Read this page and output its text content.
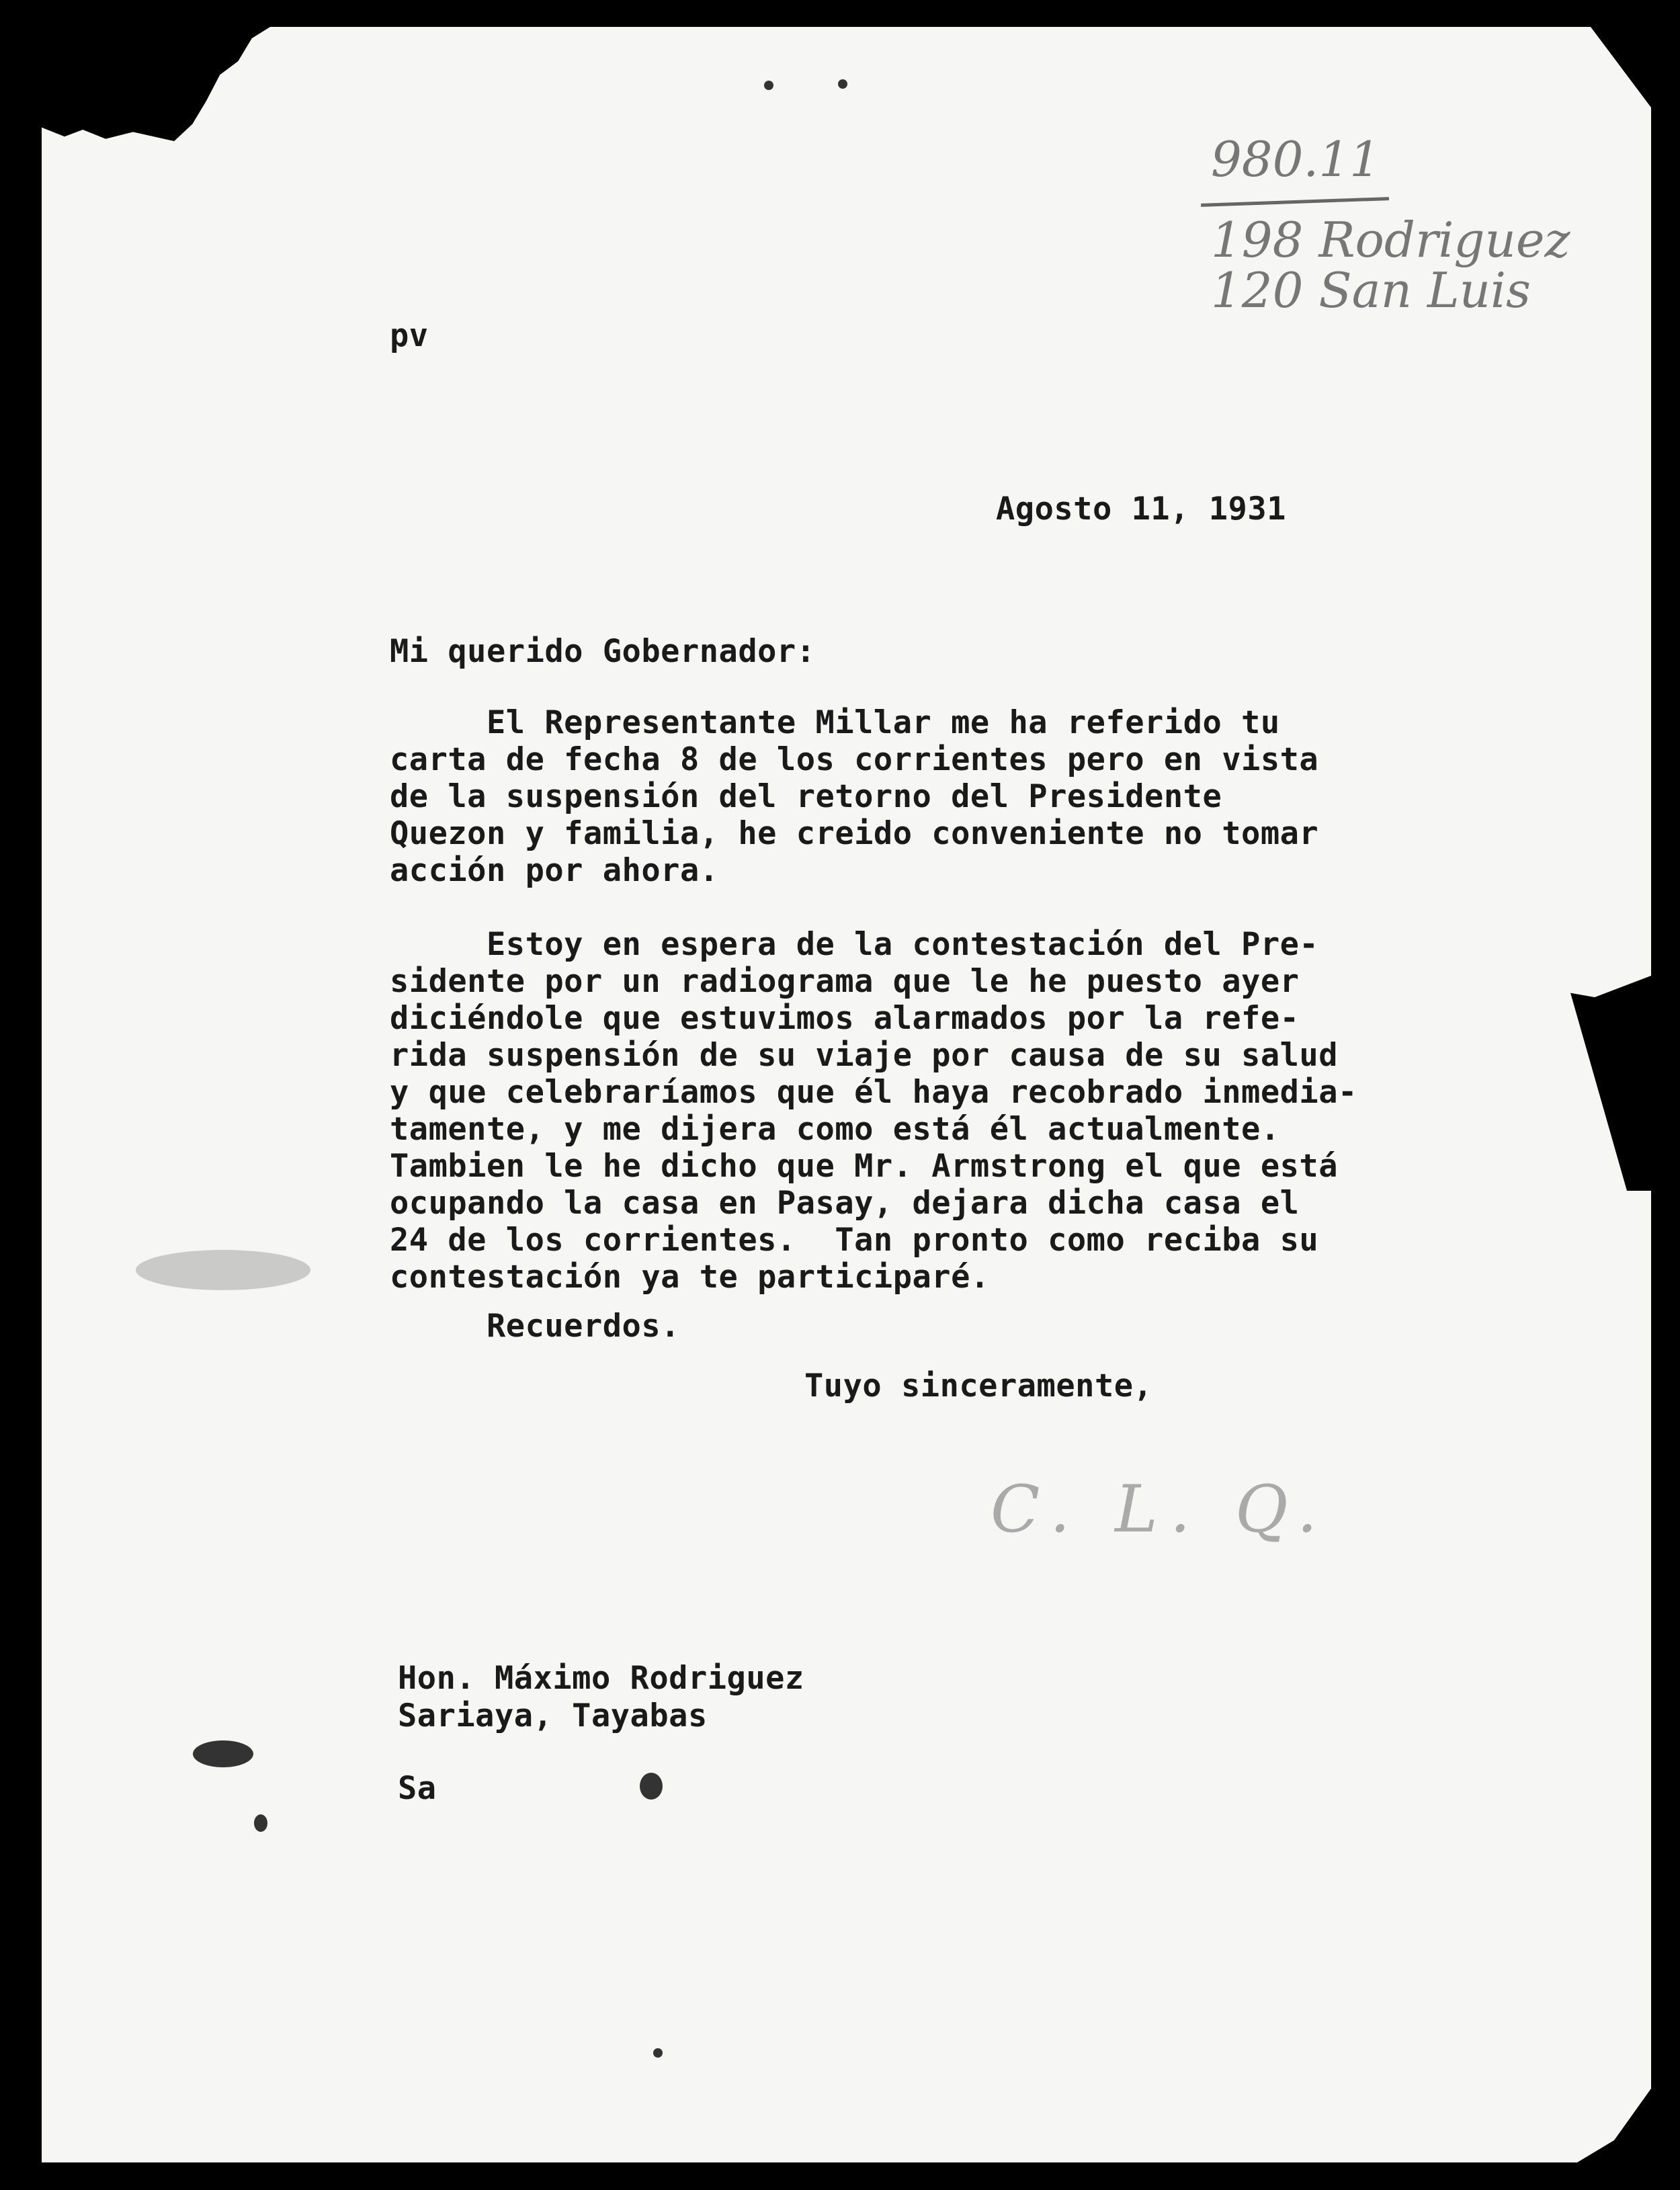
980.11
198 Rodriguez
120 San Luis

pv

Agosto 11, 1931

Mi querido Gobernador:

El Representante Millar me ha referido tu

carta de fecha 8 de los corrientes pero en vista

de la suspensión del retorno del Presidente

Quezon y familia, he creido conveniente no tomar

acción por ahora.

Estoy en espera de la contestación del Pre-

sidente por un radiograma que le he puesto ayer

diciéndole que estuvimos alarmados por la refe-

rida suspensión de su viaje por causa de su salud

y que celebraríamos que él haya recobrado inmedia-

tamente, y me dijera como está él actualmente.

Tambien le he dicho que Mr. Armstrong el que está

ocupando la casa en Pasay, dejara dicha casa el

24 de los corrientes.  Tan pronto como reciba su

contestación ya te participaré.

Recuerdos.

Tuyo sinceramente,

C. L. Q.

Hon. Máximo Rodriguez

Sariaya, Tayabas

Sa
